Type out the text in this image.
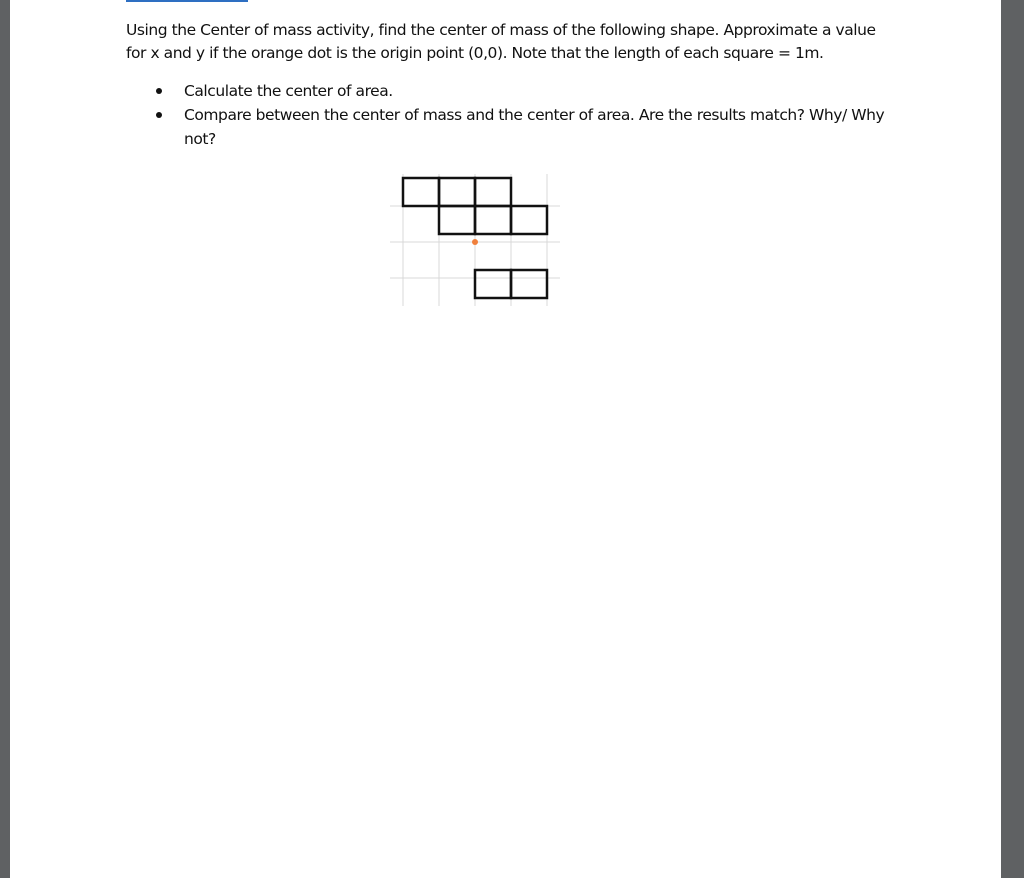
Using the Center of mass activity, find the center of mass of the following shape. Approximate a value for x and y if the orange dot is the origin point (0,0). Note that the length of each square = 1m.

Calculate the center of area.
Compare between the center of mass and the center of area. Are the results match? Why/ Why not?
